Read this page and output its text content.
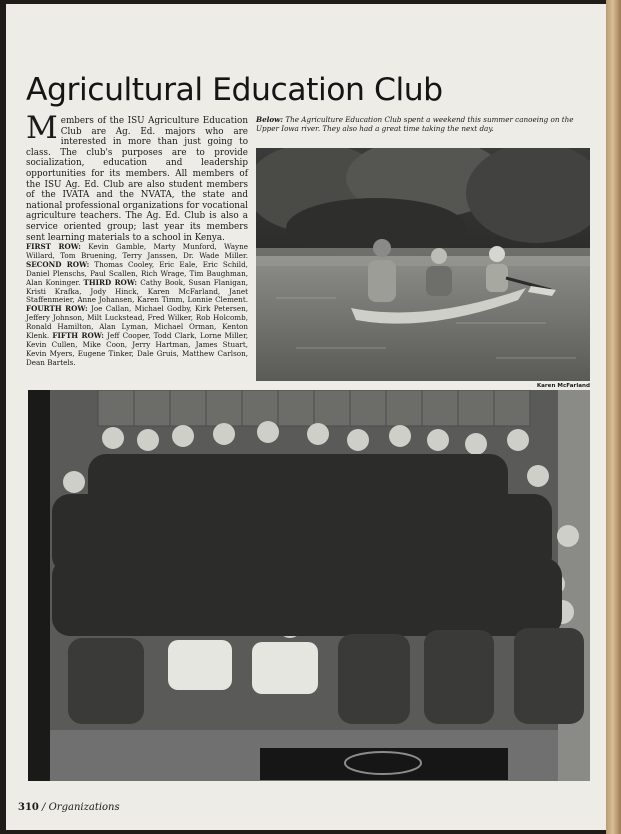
Agricultural Education Club

Members of the ISU Agriculture Education Club are Ag. Ed. majors who are interested in more than just going to class. The club's purposes are to provide socialization, education and leadership opportunities for its members. All members of the ISU Ag. Ed. Club are also student members of the IVATA and the NVATA, the state and national professional organizations for vocational agriculture teachers. The Ag. Ed. Club is also a service oriented group; last year its members sent learning materials to a school in Kenya.

FIRST ROW: Kevin Gamble, Marty Munford, Wayne Willard, Tom Bruening, Terry Janssen, Dr. Wade Miller. SECOND ROW: Thomas Cooley, Eric Eale, Eric Schild, Daniel Plenschs, Paul Scallen, Rich Wrage, Tim Baughman, Alan Koninger. THIRD ROW: Cathy Book, Susan Flanigan, Kristi Krafka, Jody Hinck, Karen McFarland, Janet Staffenmeier, Anne Johansen, Karen Timm, Lonnie Clement. FOURTH ROW: Joe Callan, Michael Godby, Kirk Petersen, Jeffery Johnson, Milt Luckstead, Fred Wilker, Rob Holcomb, Ronald Hamilton, Alan Lyman, Michael Orman, Kenton Klenk. FIFTH ROW: Jeff Cooper, Todd Clark, Lorne Miller, Kevin Cullen, Mike Coon, Jerry Hartman, James Stuart, Kevin Myers, Eugene Tinker, Dale Gruis, Matthew Carlson, Dean Bartels.

Below: The Agriculture Education Club spent a weekend this summer canoeing on the Upper Iowa river. They also had a great time taking the next day.

Karen McFarland

310 / Organizations
